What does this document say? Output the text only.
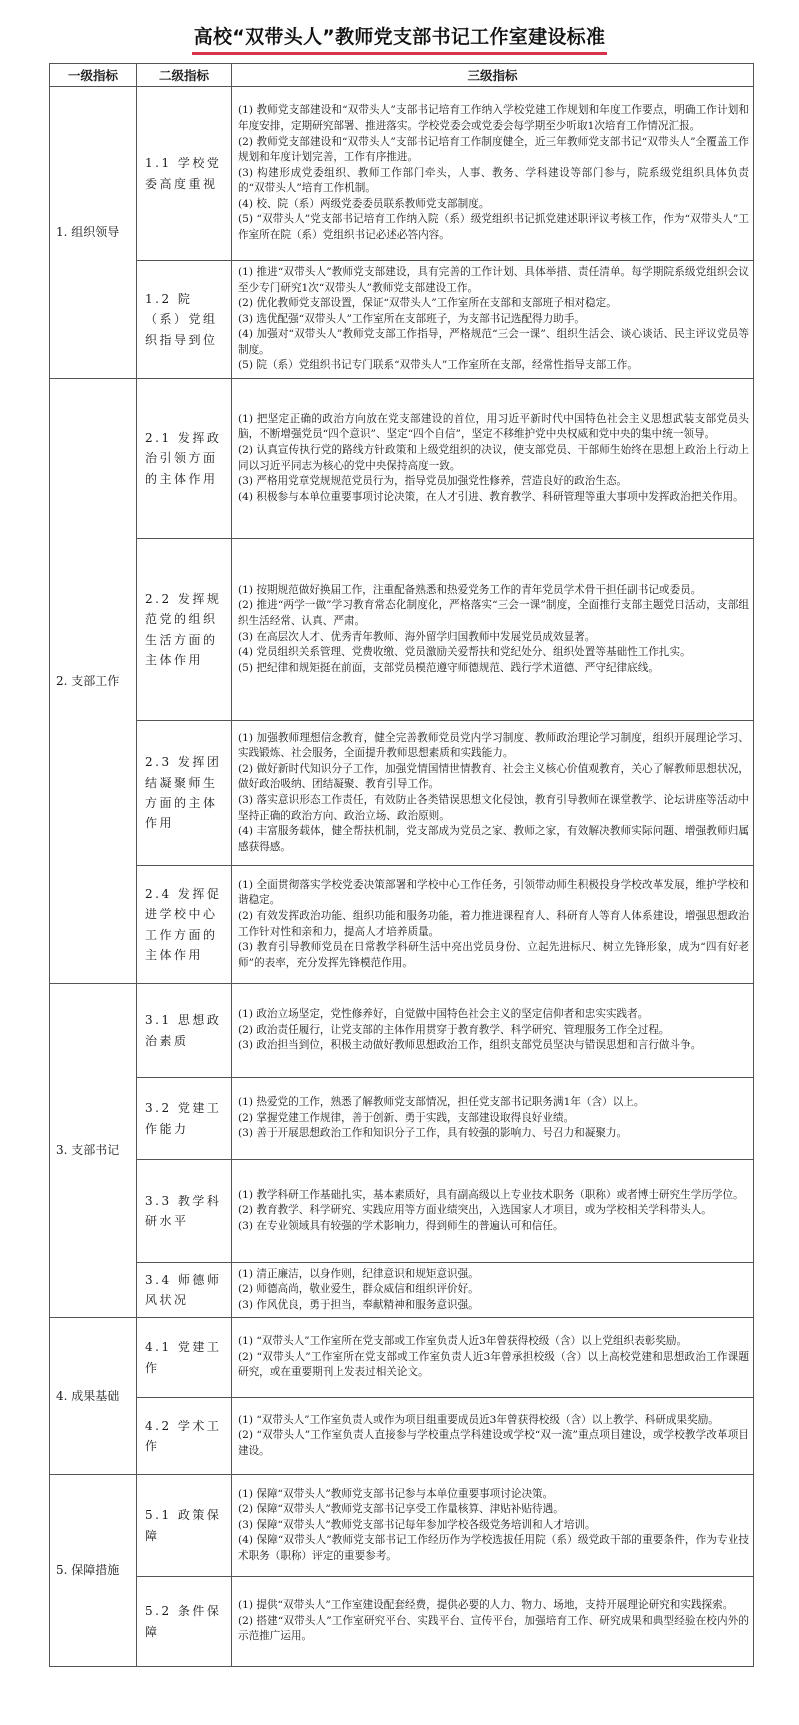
高校“双带头人”教师党支部书记工作室建设标准
一级指标	二级指标	三级指标
1. 组织领导	1.1 学校党委高度重视	(1) 教师党支部建设和“双带头人”支部书记培育工作纳入学校党建工作规划和年度工作要点，明确工作计划和年度安排，定期研究部署、推进落实。学校党委会或党委会每学期至少听取1次培育工作情况汇报。
(2) 教师党支部建设和“双带头人”支部书记培育工作制度健全，近三年教师党支部书记“双带头人”全覆盖工作规划和年度计划完善，工作有序推进。
(3) 构建形成党委组织、教师工作部门牵头，人事、教务、学科建设等部门参与，院系级党组织具体负责的“双带头人”培育工作机制。
(4) 校、院（系）两级党委委员联系教师党支部制度。
(5) “双带头人”党支部书记培育工作纳入院（系）级党组织书记抓党建述职评议考核工作，作为“双带头人”工作室所在院（系）党组织书记必述必答内容。

	1.2 院（系）党组织指导到位	(1) 推进“双带头人”教师党支部建设，具有完善的工作计划、具体举措、责任清单。每学期院系级党组织会议至少专门研究1次“双带头人”教师党支部建设工作。
(2) 优化教师党支部设置，保证“双带头人”工作室所在支部和支部班子相对稳定。
(3) 选优配强“双带头人”工作室所在支部班子，为支部书记选配得力助手。
(4) 加强对“双带头人”教师党支部工作指导，严格规范“三会一课”、组织生活会、谈心谈话、民主评议党员等制度。
(5) 院（系）党组织书记专门联系“双带头人”工作室所在支部，经常性指导支部工作。

2. 支部工作	2.1 发挥政治引领方面的主体作用	(1) 把坚定正确的政治方向放在党支部建设的首位，用习近平新时代中国特色社会主义思想武装支部党员头脑，不断增强党员“四个意识”、坚定“四个自信”，坚定不移维护党中央权威和党中央的集中统一领导。
(2) 认真宣传执行党的路线方针政策和上级党组织的决议，使支部党员、干部师生始终在思想上政治上行动上同以习近平同志为核心的党中央保持高度一致。
(3) 严格用党章党规规范党员行为，指导党员加强党性修养，营造良好的政治生态。
(4) 积极参与本单位重要事项讨论决策，在人才引进、教育教学、科研管理等重大事项中发挥政治把关作用。

	2.2 发挥规范党的组织生活方面的主体作用	(1) 按期规范做好换届工作，注重配备熟悉和热爱党务工作的青年党员学术骨干担任副书记或委员。
(2) 推进“两学一做”学习教育常态化制度化，严格落实“三会一课”制度，全面推行支部主题党日活动，支部组织生活经常、认真、严肃。
(3) 在高层次人才、优秀青年教师、海外留学归国教师中发展党员成效显著。
(4) 党员组织关系管理、党费收缴、党员激励关爱帮扶和党纪处分、组织处置等基础性工作扎实。
(5) 把纪律和规矩挺在前面，支部党员模范遵守师德规范、践行学术道德、严守纪律底线。

	2.3 发挥团结凝聚师生方面的主体作用	(1) 加强教师理想信念教育，健全完善教师党员党内学习制度、教师政治理论学习制度，组织开展理论学习、实践锻炼、社会服务，全面提升教师思想素质和实践能力。
(2) 做好新时代知识分子工作，加强党情国情世情教育、社会主义核心价值观教育，关心了解教师思想状况，做好政治吸纳、团结凝聚、教育引导工作。
(3) 落实意识形态工作责任，有效防止各类错误思想文化侵蚀，教育引导教师在课堂教学、论坛讲座等活动中坚持正确的政治方向、政治立场、政治原则。
(4) 丰富服务载体，健全帮扶机制，党支部成为党员之家、教师之家，有效解决教师实际问题、增强教师归属感获得感。

	2.4 发挥促进学校中心工作方面的主体作用	(1) 全面贯彻落实学校党委决策部署和学校中心工作任务，引领带动师生积极投身学校改革发展，维护学校和谐稳定。
(2) 有效发挥政治功能、组织功能和服务功能，着力推进课程育人、科研育人等育人体系建设，增强思想政治工作针对性和亲和力，提高人才培养质量。
(3) 教育引导教师党员在日常教学科研生活中亮出党员身份、立起先进标尺、树立先锋形象，成为“四有好老师”的表率，充分发挥先锋模范作用。

3. 支部书记	3.1 思想政治素质	(1) 政治立场坚定，党性修养好，自觉做中国特色社会主义的坚定信仰者和忠实实践者。
(2) 政治责任履行，让党支部的主体作用贯穿于教育教学、科学研究、管理服务工作全过程。
(3) 政治担当到位，积极主动做好教师思想政治工作，组织支部党员坚决与错误思想和言行做斗争。

	3.2 党建工作能力	(1) 热爱党的工作，熟悉了解教师党支部情况，担任党支部书记职务满1年（含）以上。
(2) 掌握党建工作规律，善于创新、勇于实践，支部建设取得良好业绩。
(3) 善于开展思想政治工作和知识分子工作，具有较强的影响力、号召力和凝聚力。

	3.3 教学科研水平	(1) 教学科研工作基础扎实，基本素质好，具有副高级以上专业技术职务（职称）或者博士研究生学历学位。
(2) 教育教学、科学研究、实践应用等方面业绩突出，入选国家人才项目，或为学校相关学科带头人。
(3) 在专业领域具有较强的学术影响力，得到师生的普遍认可和信任。

	3.4 师德师风状况	(1) 清正廉洁，以身作则，纪律意识和规矩意识强。
(2) 师德高尚，敬业爱生，群众威信和组织评价好。
(3) 作风优良，勇于担当，奉献精神和服务意识强。

4. 成果基础	4.1 党建工作	(1) “双带头人”工作室所在党支部或工作室负责人近3年曾获得校级（含）以上党组织表彰奖励。
(2) “双带头人”工作室所在党支部或工作室负责人近3年曾承担校级（含）以上高校党建和思想政治工作课题研究，或在重要期刊上发表过相关论文。

	4.2 学术工作	(1) “双带头人”工作室负责人或作为项目组重要成员近3年曾获得校级（含）以上教学、科研成果奖励。
(2) “双带头人”工作室负责人直接参与学校重点学科建设或学校“双一流”重点项目建设，或学校教学改革项目建设。

5. 保障措施	5.1 政策保障	(1) 保障“双带头人”教师党支部书记参与本单位重要事项讨论决策。
(2) 保障“双带头人”教师党支部书记享受工作量核算、津贴补贴待遇。
(3) 保障“双带头人”教师党支部书记每年参加学校各级党务培训和人才培训。
(4) 保障“双带头人”教师党支部书记工作经历作为学校选拔任用院（系）级党政干部的重要条件，作为专业技术职务（职称）评定的重要参考。

	5.2 条件保障	(1) 提供“双带头人”工作室建设配套经费，提供必要的人力、物力、场地，支持开展理论研究和实践探索。
(2) 搭建“双带头人”工作室研究平台、实践平台、宣传平台，加强培育工作、研究成果和典型经验在校内外的示范推广运用。
